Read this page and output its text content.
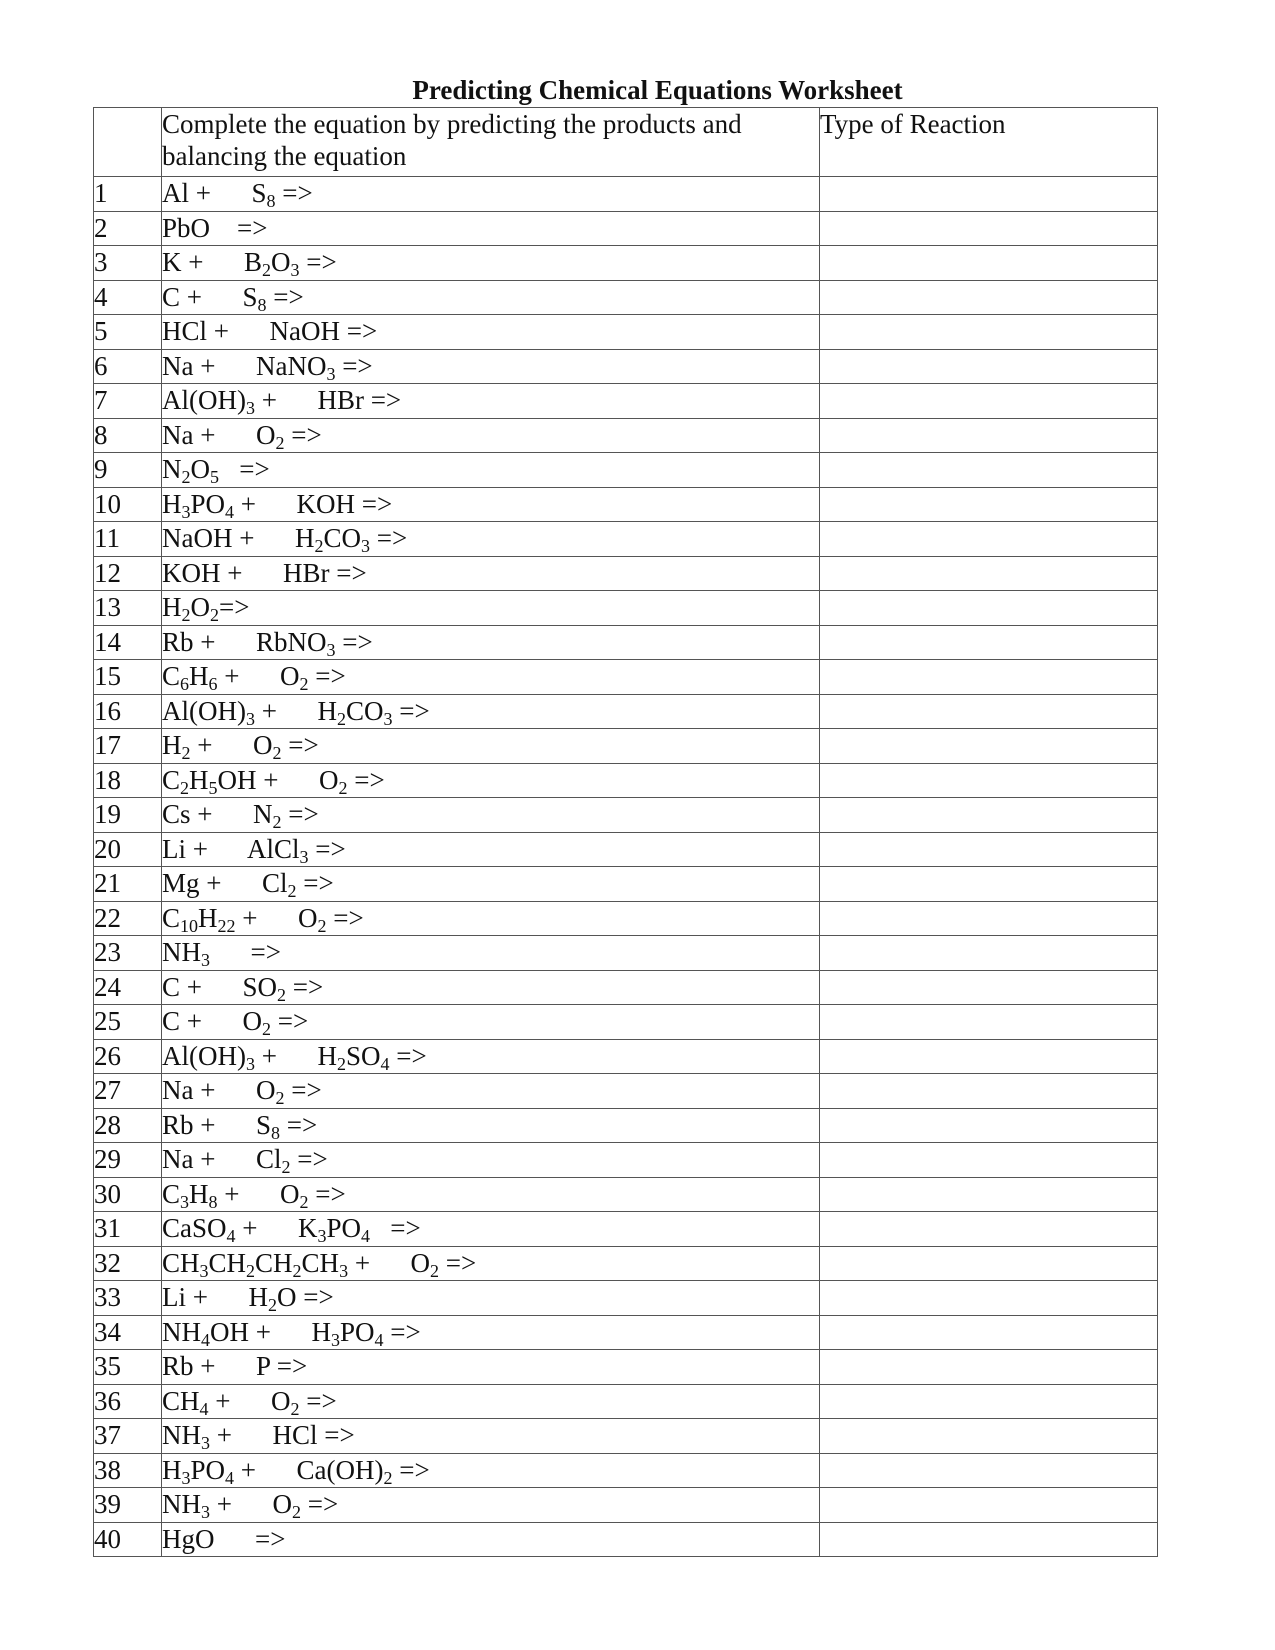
Predicting Chemical Equations Worksheet
	Complete the equation by predicting the products and balancing the equation	Type of Reaction
1	Al +      $S_8$ =>	
2	PbO    =>	
3	K +      $B_2O_3$ =>	
4	C +      $S_8$ =>	
5	HCl +      NaOH =>	
6	Na +      NaNO$_3$ =>	
7	$Al(OH)_3$ +      HBr =>	
8	Na +      $O_2$ =>	
9	$N_2O_5$   =>	
10	$H_3PO_4$ +      KOH =>	
11	NaOH +      $H_2CO_3$ =>	
12	KOH +      HBr =>	
13	$H_2O_2=>$	
14	Rb +      RbNO$_3$ =>	
15	$C_6H_6$ +      $O_2$ =>	
16	$Al(OH)_3$ +      $H_2CO_3$ =>	
17	$H_2$ +      $O_2$ =>	
18	$C_2H_5OH$ +      $O_2$ =>	
19	Cs +      $N_2$ =>	
20	Li +      AlCl$_3$ =>	
21	Mg +      $Cl_2$ =>	
22	$C_{10}H_{22}$ +      $O_2$ =>	
23	$NH_3$      =>	
24	C +      $SO_2$ =>	
25	C +      $O_2$ =>	
26	$Al(OH)_3$ +      $H_2SO_4$ =>	
27	Na +      $O_2$ =>	
28	Rb +      $S_8$ =>	
29	Na +      $Cl_2$ =>	
30	$C_3H_8$ +      $O_2$ =>	
31	CaSO$_4$ +      $K_3PO_4$   =>	
32	$CH_3CH_2CH_2CH_3$ +      $O_2$ =>	
33	Li +      $H_2O$ =>	
34	$NH_4OH$ +      $H_3PO_4$ =>	
35	Rb +      P =>	
36	$CH_4$ +      $O_2$ =>	
37	$NH_3$ +      HCl =>	
38	$H_3PO_4$ +      $Ca(OH)_2$ =>	
39	$NH_3$ +      $O_2$ =>	
40	HgO      =>	
